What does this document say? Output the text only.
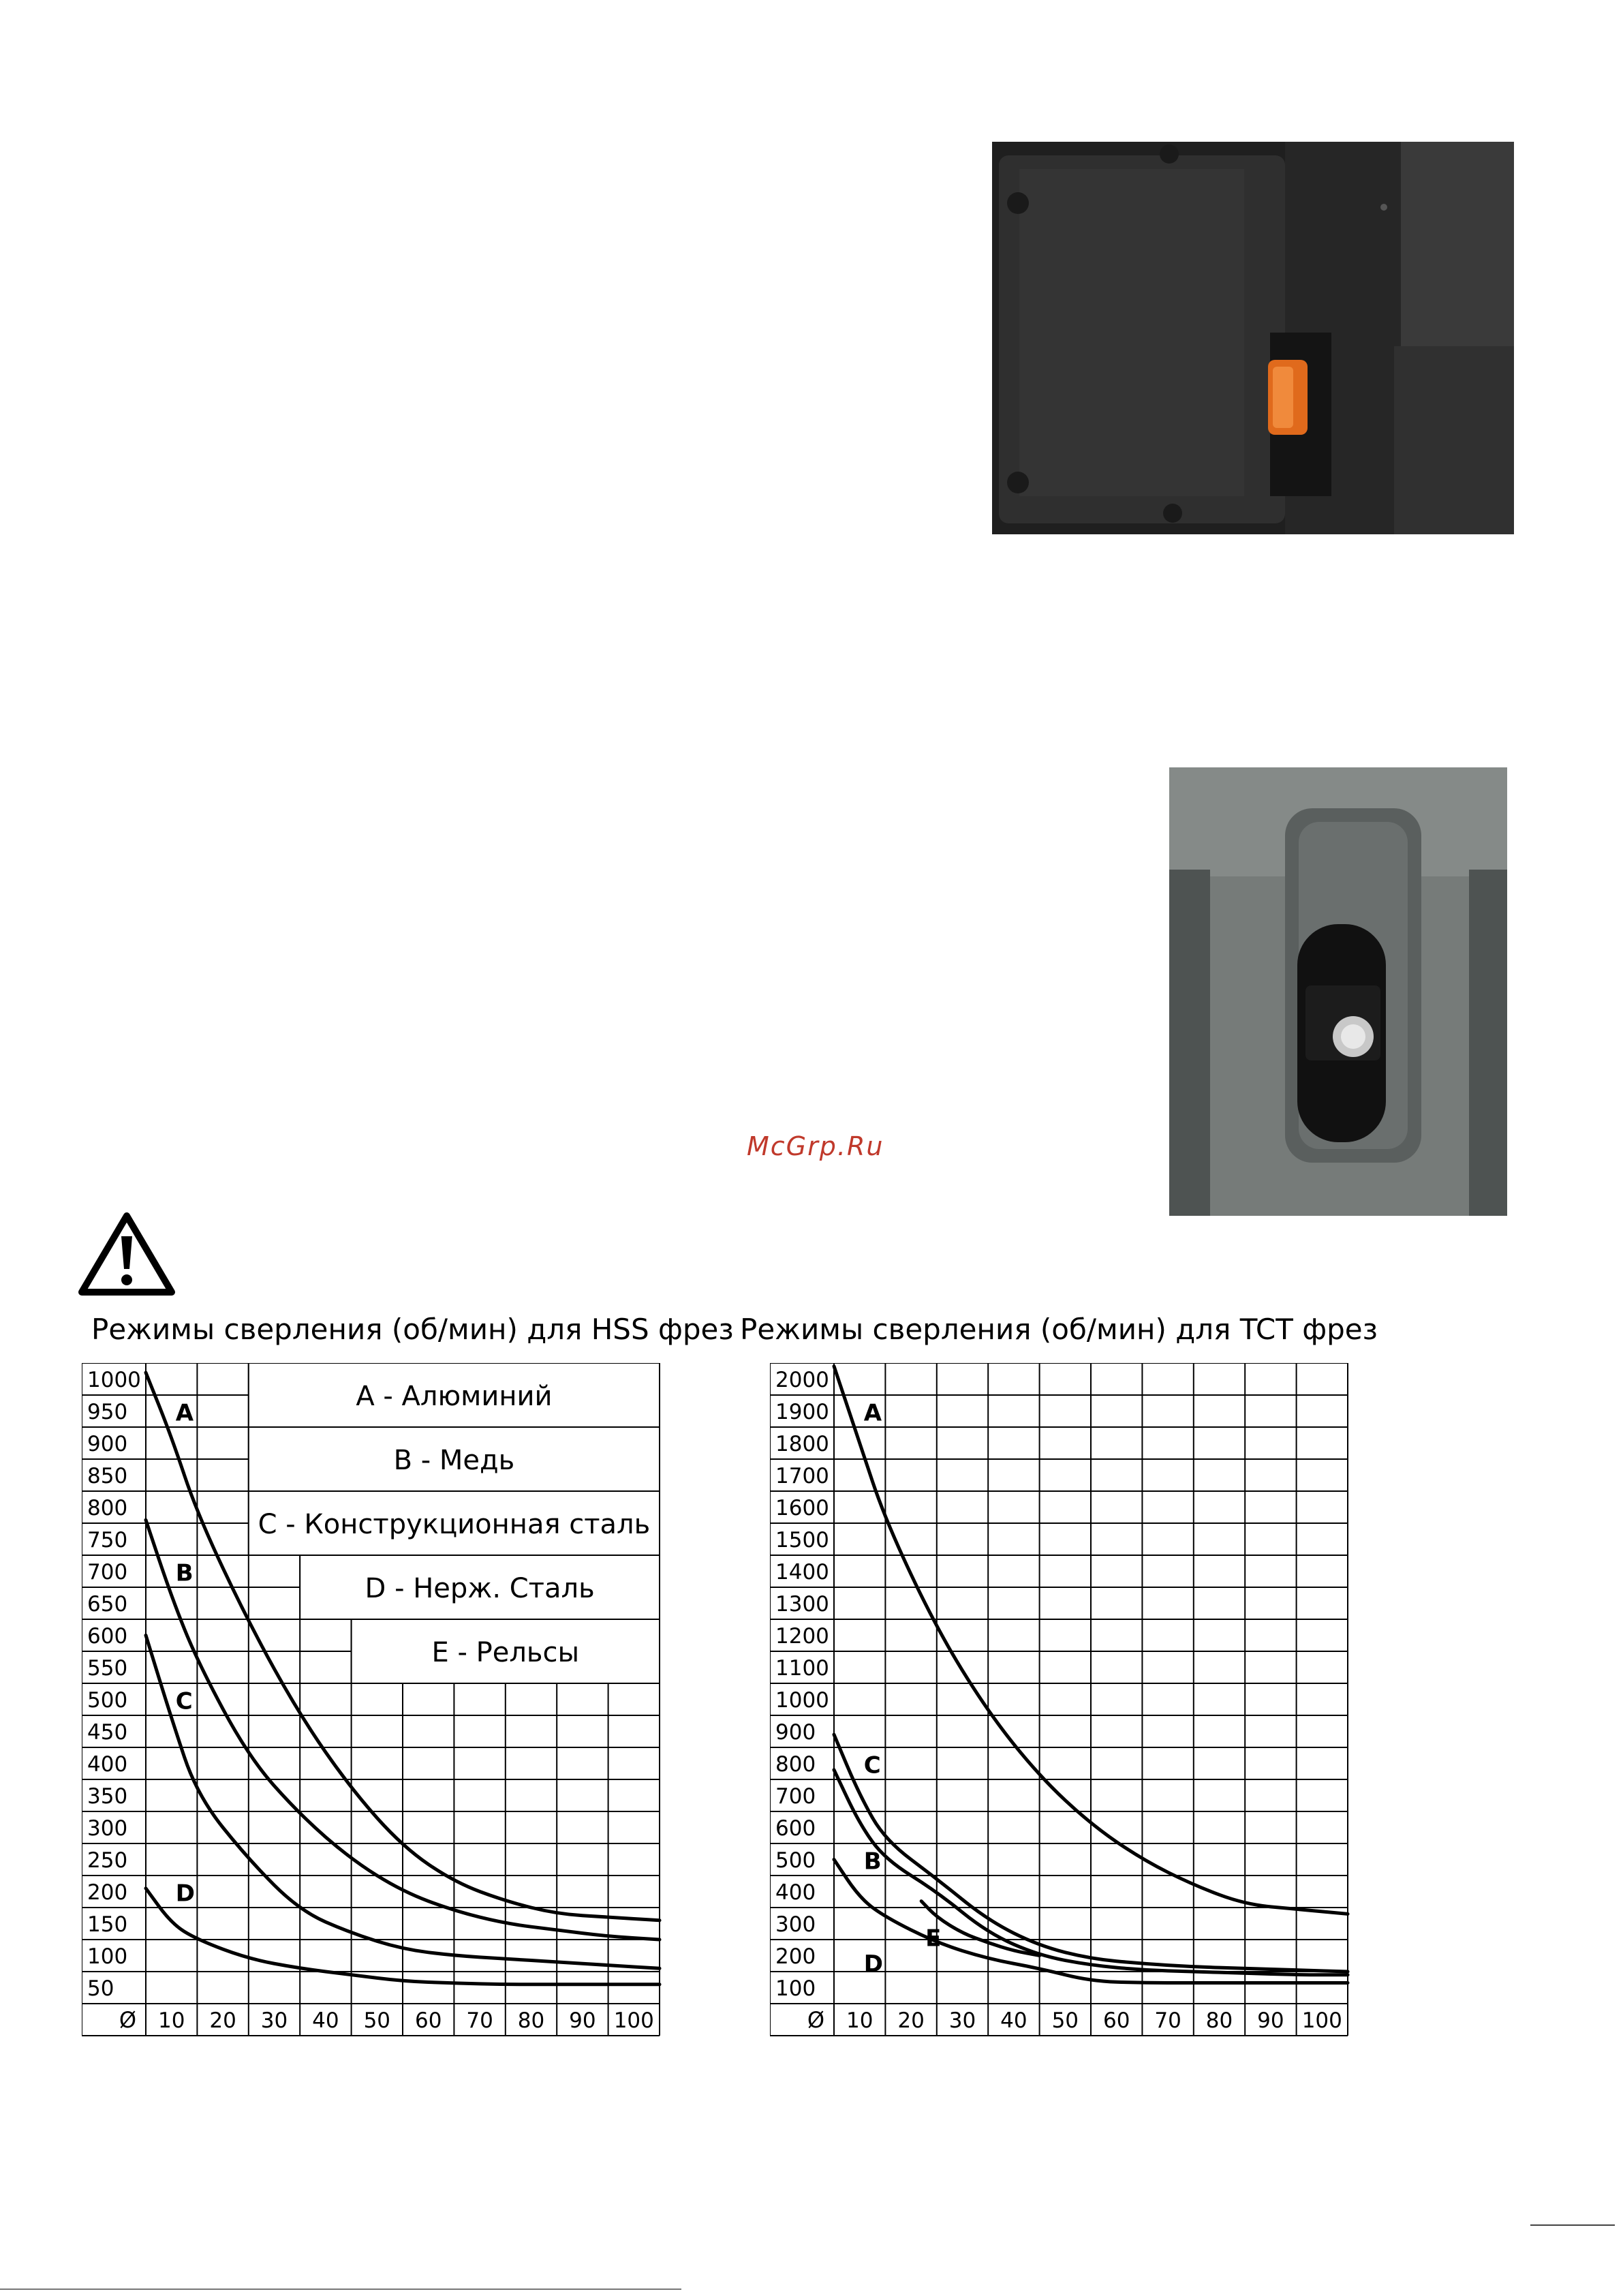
McGrp.Ru
Режимы сверления (об/мин) для HSS фрез Режимы сверления (об/мин) для TCT фрез
A - Алюминий
B - Медь
C - Конструкционная сталь
D - Нерж. Сталь
E - Рельсы
1000
950
900
850
800
750
700
650
600
550
500
450
400
350
300
250
200
150
100
50
Ø 10 20 30 40 50 60 70 80 90 100
A
B
C
D
2000
1900
1800
1700
1600
1500
1400
1300
1200
1100
1000
900
800
700
600
500
400
300
200
100
Ø 10 20 30 40 50 60 70 80 90 100
A
C
B
E
D
